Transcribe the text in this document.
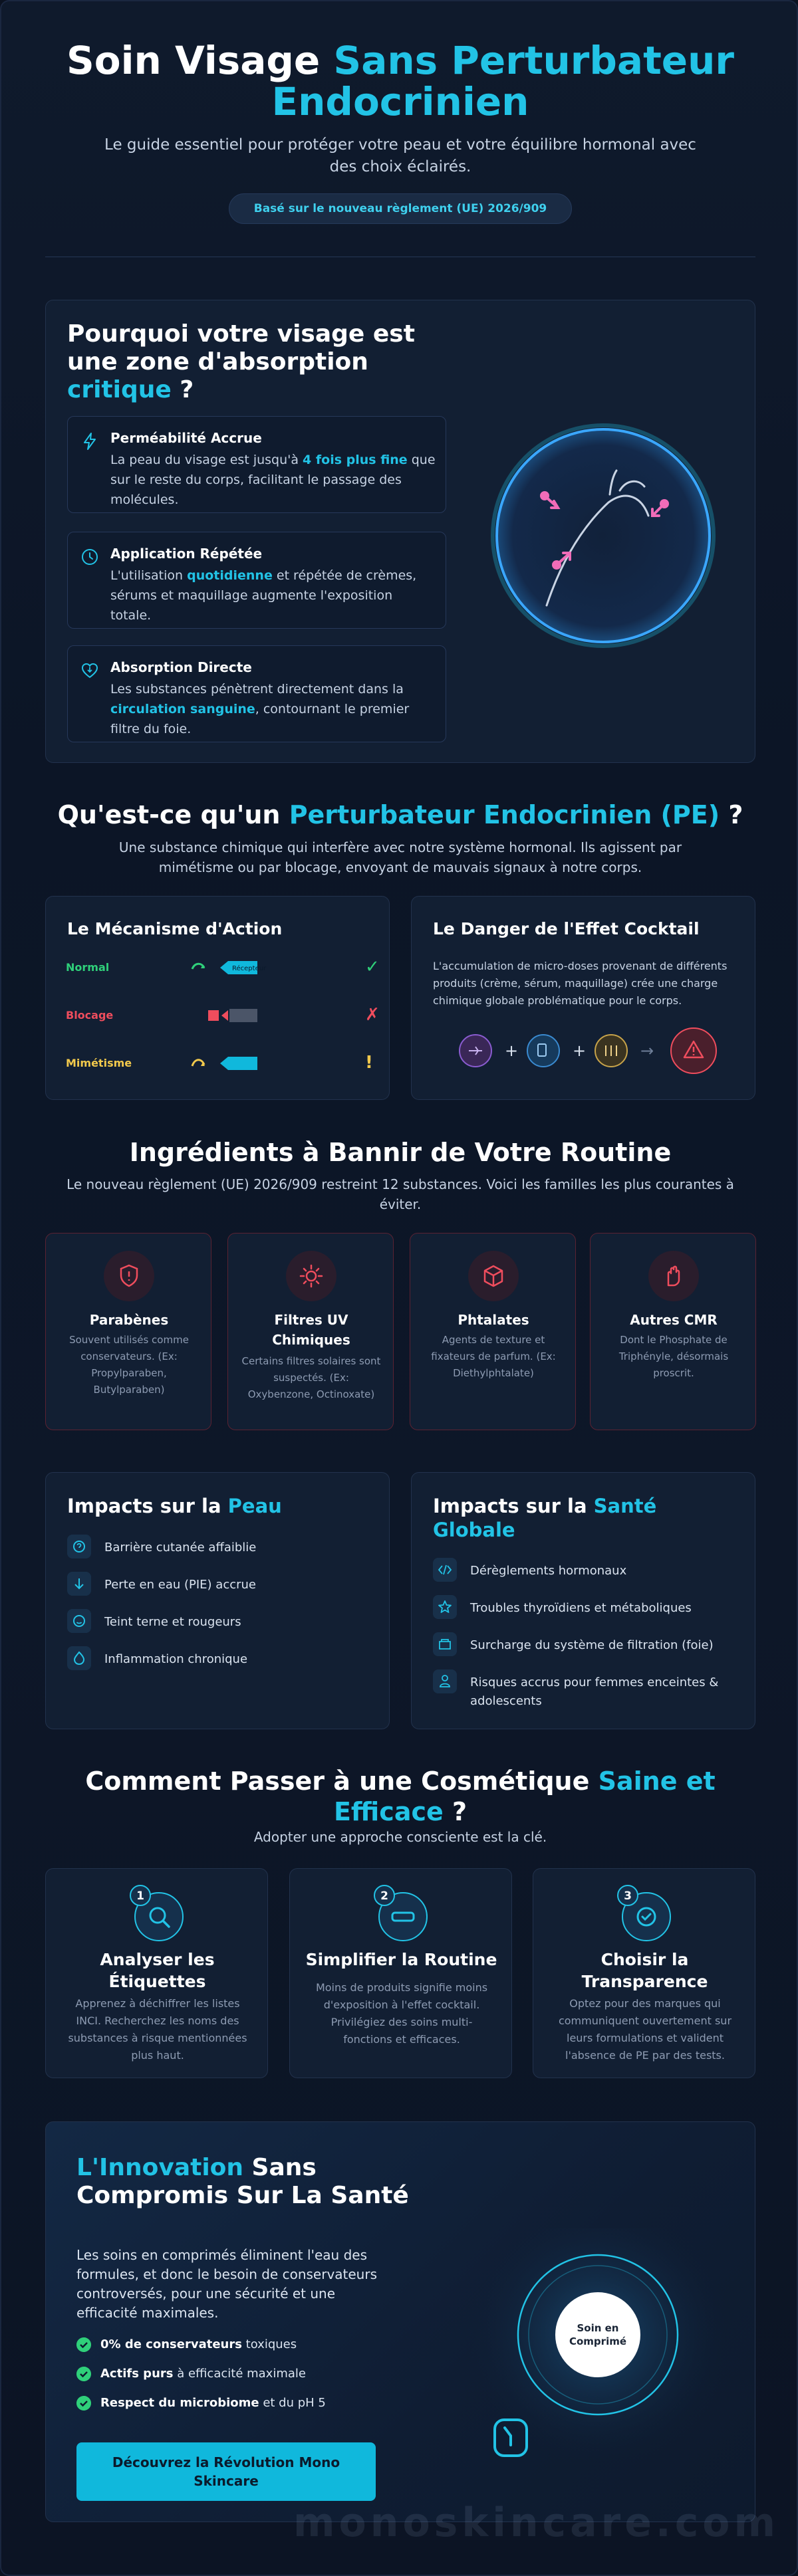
Soin Visage Sans Perturbateur Endocrinien

Le guide essentiel pour protéger votre peau et votre équilibre hormonal avec des choix éclairés.

Basé sur le nouveau règlement (UE) 2026/909
Pourquoi votre visage est une zone d'absorption critique ?
Perméabilité Accrue
La peau du visage est jusqu'à 4 fois plus fine que sur le reste du corps, facilitant le passage des molécules.
Application Répétée
L'utilisation quotidienne et répétée de crèmes, sérums et maquillage augmente l'exposition totale.
Absorption Directe
Les substances pénètrent directement dans la circulation sanguine, contournant le premier filtre du foie.
Qu'est-ce qu'un Perturbateur Endocrinien (PE) ?

Une substance chimique qui interfère avec notre système hormonal. Ils agissent par mimétisme ou par blocage, envoyant de mauvais signaux à notre corps.

Le Mécanisme d'Action
Normal	Récepteur	✓
Blocage	✗
Mimétisme	!
Le Danger de l'Effet Cocktail

L'accumulation de micro-doses provenant de différents produits (crème, sérum, maquillage) crée une charge chimique globale problématique pour le corps.

+	+	→
Ingrédients à Bannir de Votre Routine

Le nouveau règlement (UE) 2026/909 restreint 12 substances. Voici les familles les plus courantes à éviter.

Parabènes
Souvent utilisés comme conservateurs. (Ex: Propylparaben, Butylparaben)
Filtres UV Chimiques
Certains filtres solaires sont suspectés. (Ex: Oxybenzone, Octinoxate)
Phtalates
Agents de texture et fixateurs de parfum. (Ex: Diethylphtalate)
Autres CMR
Dont le Phosphate de Triphényle, désormais proscrit.
Impacts sur la Peau
Barrière cutanée affaiblie
Perte en eau (PIE) accrue
Teint terne et rougeurs
Inflammation chronique
Impacts sur la Santé Globale
Dérèglements hormonaux
Troubles thyroïdiens et métaboliques
Surcharge du système de filtration (foie)
Risques accrus pour femmes enceintes & adolescents
Comment Passer à une Cosmétique Saine et Efficace ?

Adopter une approche consciente est la clé.

1
Analyser les Étiquettes
Apprenez à déchiffrer les listes INCI. Recherchez les noms des substances à risque mentionnées plus haut.
2
Simplifier la Routine
Moins de produits signifie moins d'exposition à l'effet cocktail. Privilégiez des soins multi-fonctions et efficaces.
3
Choisir la Transparence
Optez pour des marques qui communiquent ouvertement sur leurs formulations et valident l'absence de PE par des tests.
L'Innovation Sans Compromis Sur La Santé

Les soins en comprimés éliminent l'eau des formules, et donc le besoin de conservateurs controversés, pour une sécurité et une efficacité maximales.

0% de conservateurs toxiques
Actifs purs à efficacité maximale
Respect du microbiome et du pH 5
Découvrez la Révolution Mono Skincare
Soin en Comprimé
monoskincare.com
